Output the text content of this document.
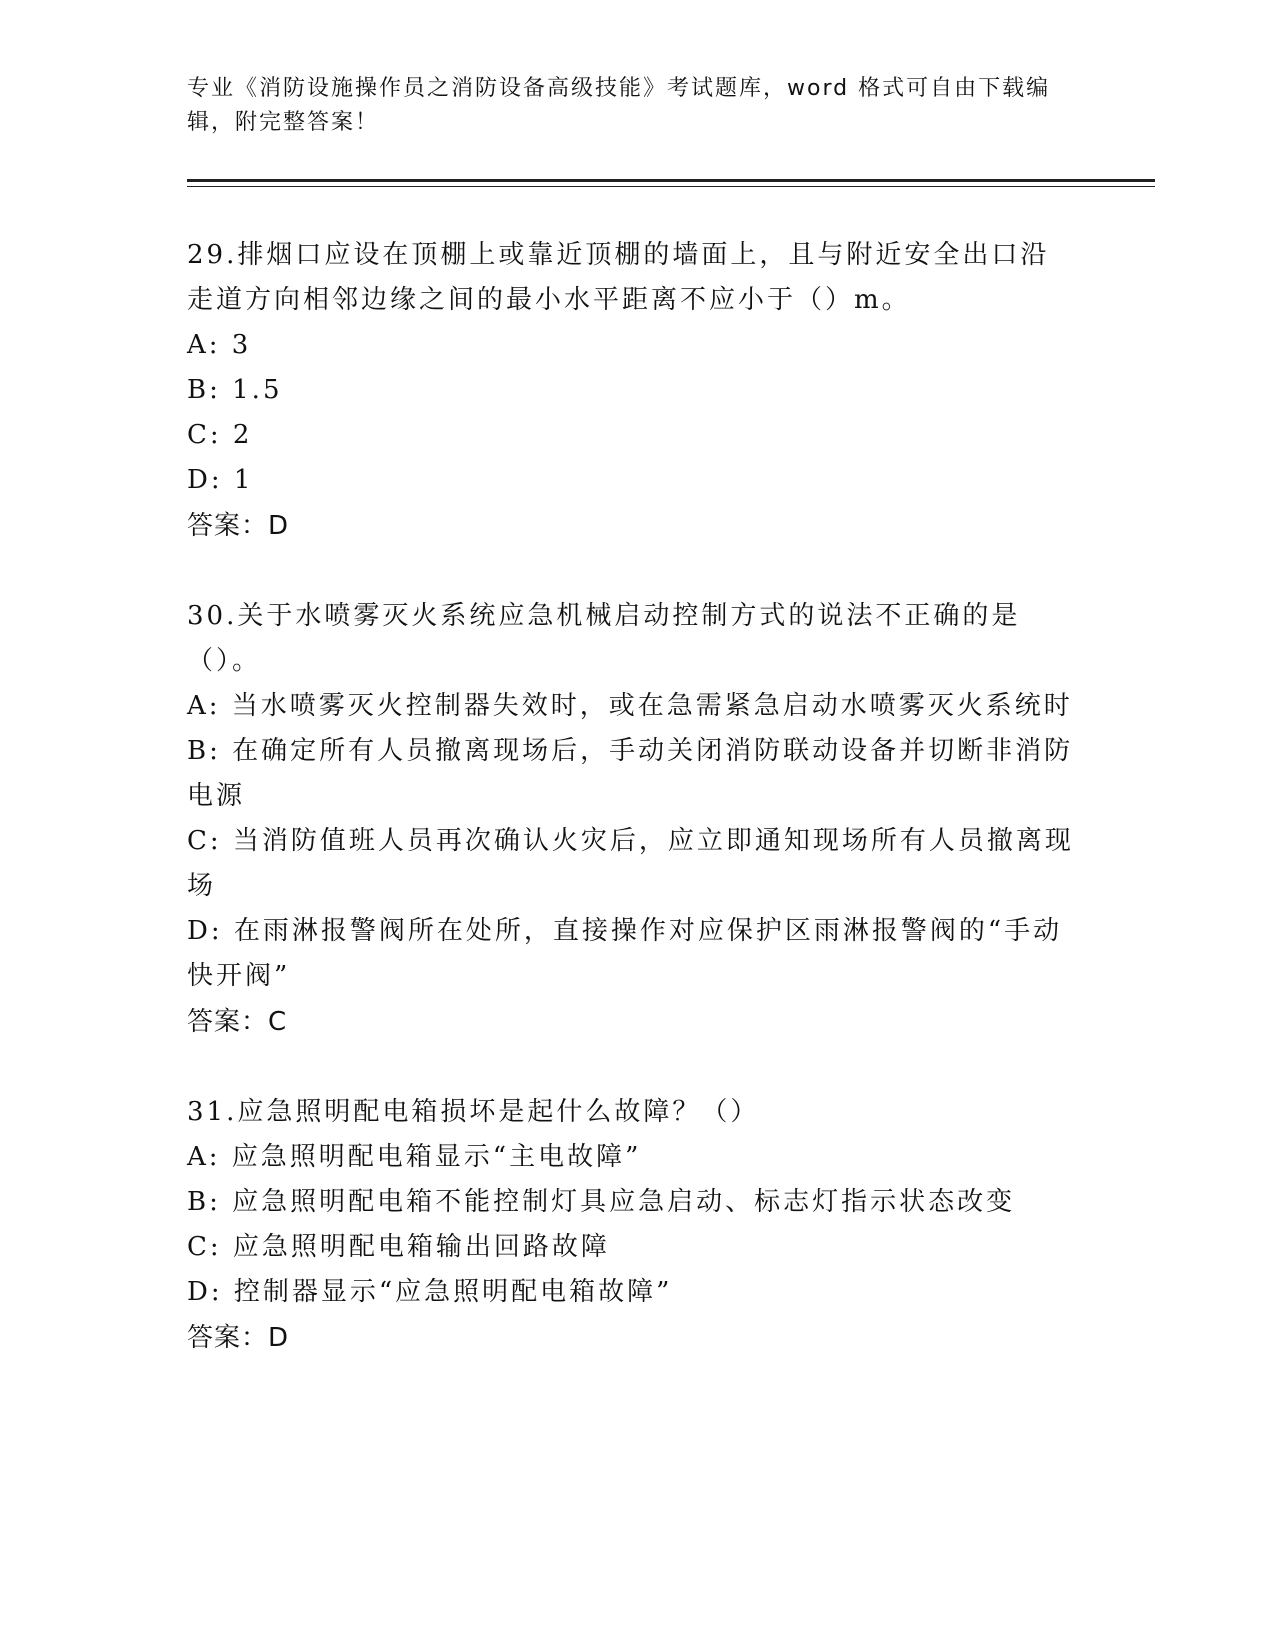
专业《消防设施操作员之消防设备高级技能》考试题库，word 格式可自由下载编辑，附完整答案！
29.排烟口应设在顶棚上或靠近顶棚的墙面上，且与附近安全出口沿走道方向相邻边缘之间的最小水平距离不应小于（）m。
A: 3
B: 1.5
C: 2
D: 1
答案：D
30.关于水喷雾灭火系统应急机械启动控制方式的说法不正确的是（）。
A: 当水喷雾灭火控制器失效时，或在急需紧急启动水喷雾灭火系统时
B: 在确定所有人员撤离现场后，手动关闭消防联动设备并切断非消防电源
C: 当消防值班人员再次确认火灾后，应立即通知现场所有人员撤离现场
D: 在雨淋报警阀所在处所，直接操作对应保护区雨淋报警阀的“手动快开阀”
答案：C
31.应急照明配电箱损坏是起什么故障？（）
A: 应急照明配电箱显示“主电故障”
B: 应急照明配电箱不能控制灯具应急启动、标志灯指示状态改变
C: 应急照明配电箱输出回路故障
D: 控制器显示“应急照明配电箱故障”
答案：D
